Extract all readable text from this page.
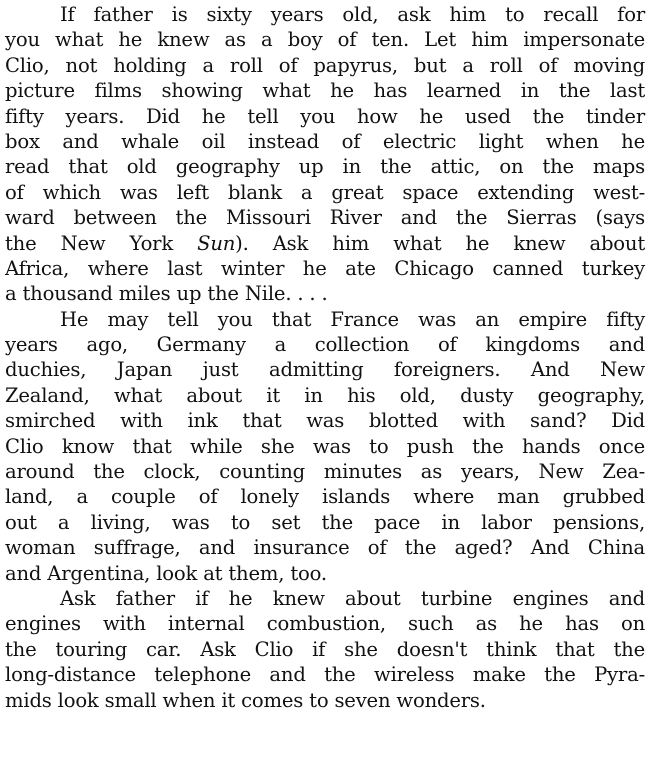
If father is sixty years old, ask him to recall for
you what he knew as a boy of ten. Let him impersonate
Clio, not holding a roll of papyrus, but a roll of moving
picture films showing what he has learned in the last
fifty years. Did he tell you how he used the tinder
box and whale oil instead of electric light when he
read that old geography up in the attic, on the maps
of which was left blank a great space extending west-
ward between the Missouri River and the Sierras (says
the New York Sun). Ask him what he knew about
Africa, where last winter he ate Chicago canned turkey
a thousand miles up the Nile. . . .
He may tell you that France was an empire fifty
years ago, Germany a collection of kingdoms and
duchies, Japan just admitting foreigners. And New
Zealand, what about it in his old, dusty geography,
smirched with ink that was blotted with sand? Did
Clio know that while she was to push the hands once
around the clock, counting minutes as years, New Zea-
land, a couple of lonely islands where man grubbed
out a living, was to set the pace in labor pensions,
woman suffrage, and insurance of the aged? And China
and Argentina, look at them, too.
Ask father if he knew about turbine engines and
engines with internal combustion, such as he has on
the touring car. Ask Clio if she doesn't think that the
long-distance telephone and the wireless make the Pyra-
mids look small when it comes to seven wonders.
